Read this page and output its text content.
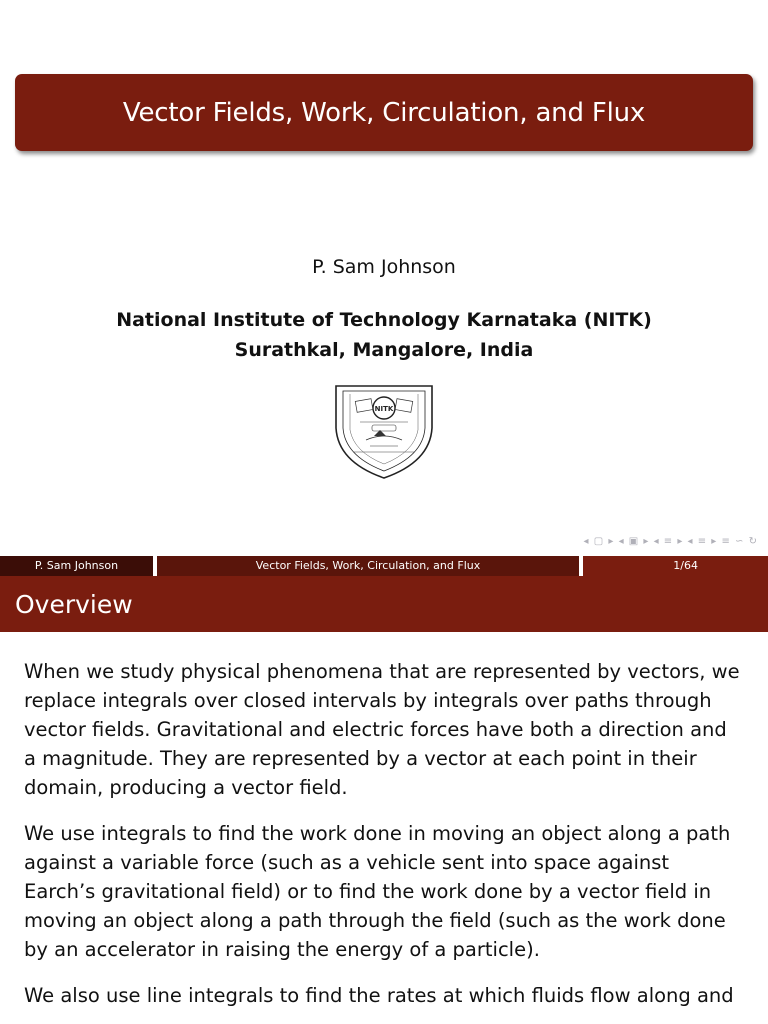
Vector Fields, Work, Circulation, and Flux
P. Sam Johnson
National Institute of Technology Karnataka (NITK)
Surathkal, Mangalore, India
NITK
◂ ▢ ▸ ◂ ▣ ▸ ◂ ≡ ▸ ◂ ≡ ▸ ≡ ∽ ↻
P. Sam Johnson	Vector Fields, Work, Circulation, and Flux	1/64
Overview

When we study physical phenomena that are represented by vectors, we replace integrals over closed intervals by integrals over paths through vector fields. Gravitational and electric forces have both a direction and a magnitude. They are represented by a vector at each point in their domain, producing a vector field.

We use integrals to find the work done in moving an object along a path against a variable force (such as a vehicle sent into space against Earch’s gravitational field) or to find the work done by a vector field in moving an object along a path through the field (such as the work done by an accelerator in raising the energy of a particle).

We also use line integrals to find the rates at which fluids flow along and
